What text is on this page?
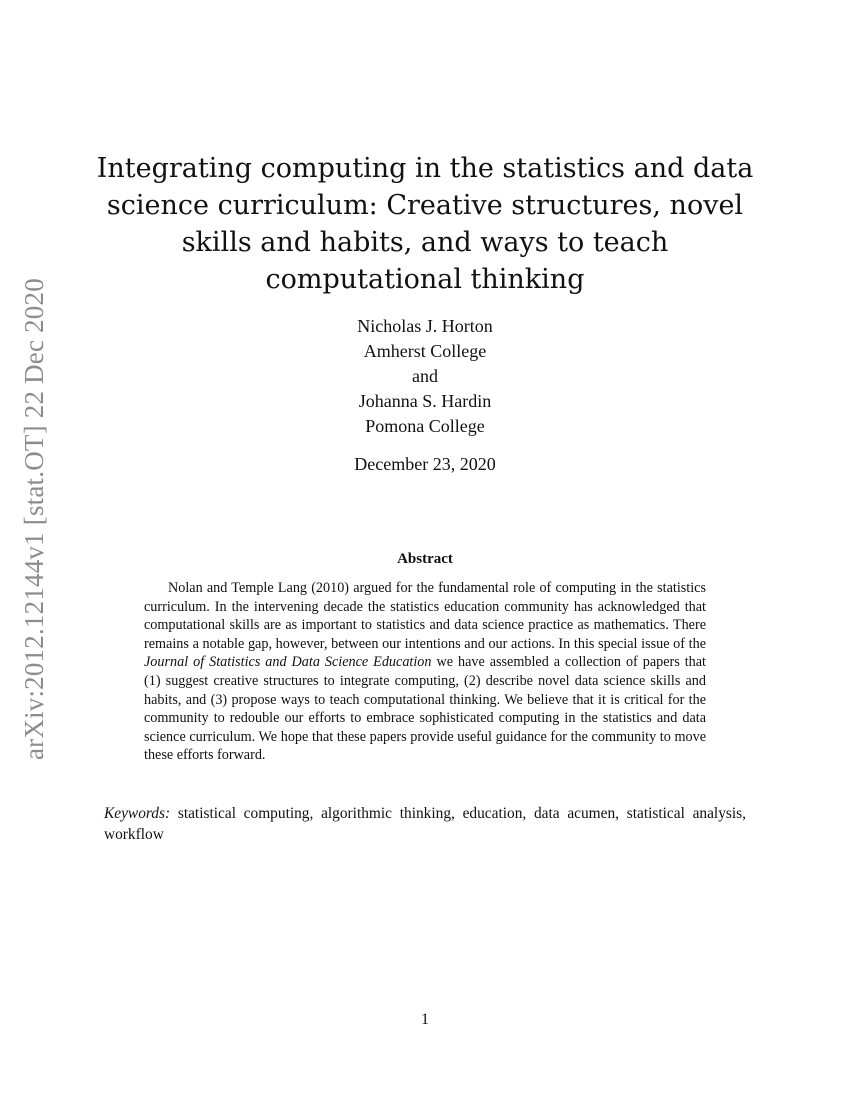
arXiv:2012.12144v1 [stat.OT] 22 Dec 2020
Integrating computing in the statistics and data
science curriculum: Creative structures, novel
skills and habits, and ways to teach
computational thinking
Nicholas J. Horton
Amherst College
and
Johanna S. Hardin
Pomona College
December 23, 2020
Abstract

Nolan and Temple Lang (2010) argued for the fundamental role of computing in the statistics curriculum. In the intervening decade the statistics education community has acknowledged that computational skills are as important to statistics and data science practice as mathematics. There remains a notable gap, however, between our intentions and our actions. In this special issue of the Journal of Statistics and Data Science Education we have assembled a collection of papers that (1) suggest creative structures to integrate computing, (2) describe novel data science skills and habits, and (3) propose ways to teach computational thinking. We believe that it is critical for the community to redouble our efforts to embrace sophisticated computing in the statistics and data science curriculum. We hope that these papers provide useful guidance for the community to move these efforts forward.

Keywords: statistical computing, algorithmic thinking, education, data acumen, statistical analysis, workflow

1
